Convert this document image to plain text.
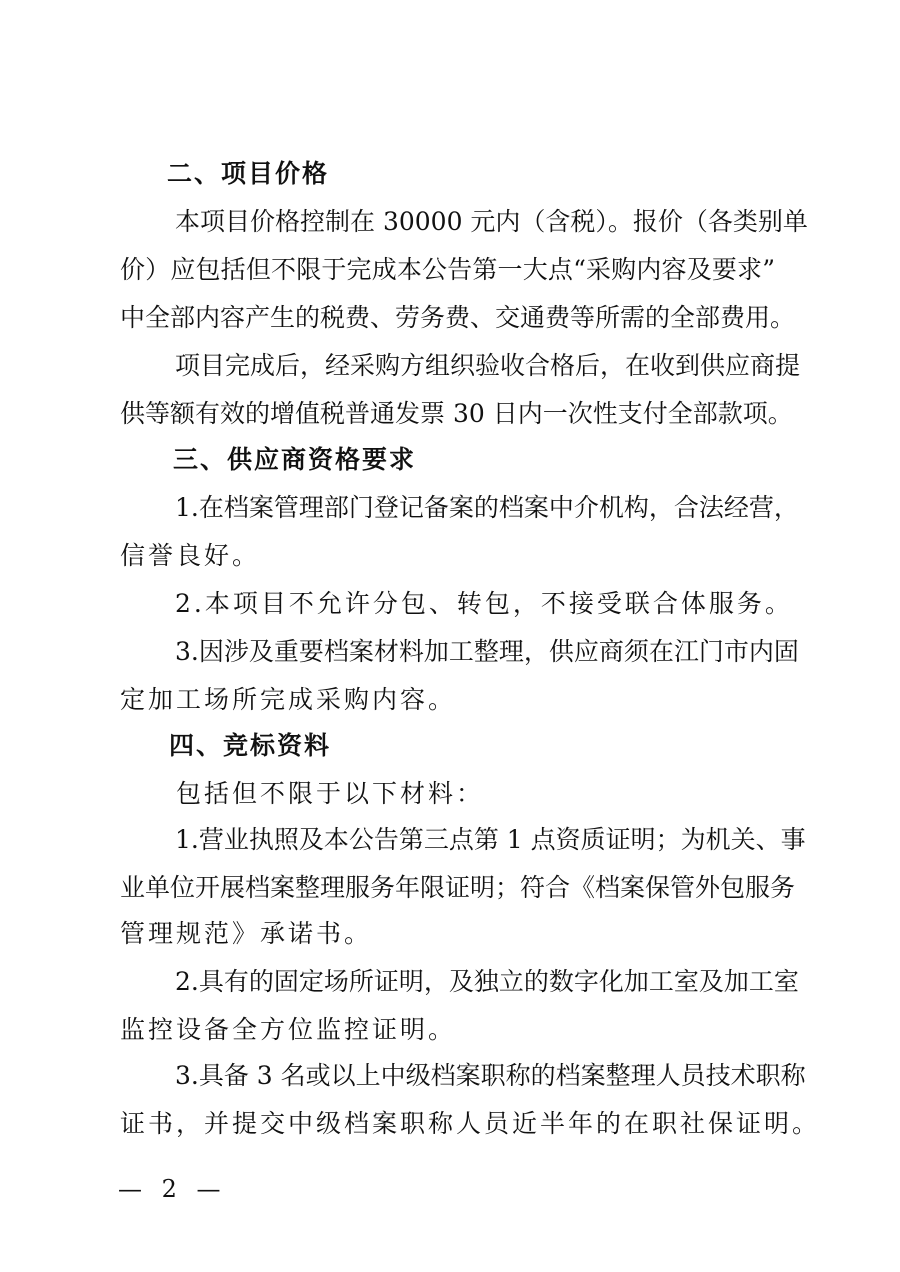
二、项目价格
本项目价格控制在 30000 元内（含税）。报价（各类别单
价）应包括但不限于完成本公告第一大点“采购内容及要求”
中全部内容产生的税费、劳务费、交通费等所需的全部费用。
项目完成后，经采购方组织验收合格后，在收到供应商提
供等额有效的增值税普通发票 30 日内一次性支付全部款项。
三、供应商资格要求
1.在档案管理部门登记备案的档案中介机构，合法经营，
信誉良好。
2.本项目不允许分包、转包，不接受联合体服务。
3.因涉及重要档案材料加工整理，供应商须在江门市内固
定加工场所完成采购内容。
四、竞标资料
包括但不限于以下材料：
1.营业执照及本公告第三点第 1 点资质证明；为机关、事
业单位开展档案整理服务年限证明；符合《档案保管外包服务
管理规范》承诺书。
2.具有的固定场所证明，及独立的数字化加工室及加工室
监控设备全方位监控证明。
3.具备 3 名或以上中级档案职称的档案整理人员技术职称
证书，并提交中级档案职称人员近半年的在职社保证明。
— 2 —
